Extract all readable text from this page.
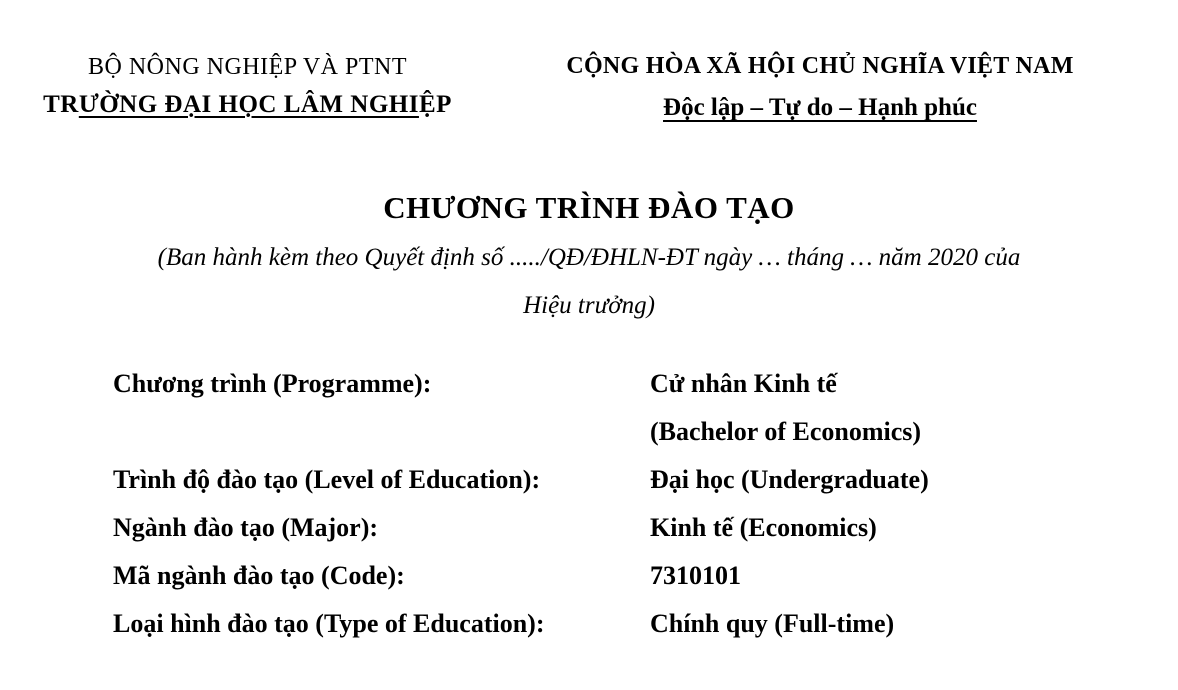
BỘ NÔNG NGHIỆP VÀ PTNT
TRƯỜNG ĐẠI HỌC LÂM NGHIỆP
CỘNG HÒA XÃ HỘI CHỦ NGHĨA VIỆT NAM
Độc lập – Tự do – Hạnh phúc
CHƯƠNG TRÌNH ĐÀO TẠO
(Ban hành kèm theo Quyết định số ...../QĐ/ĐHLN-ĐT ngày … tháng … năm 2020 của
Hiệu trưởng)
Chương trình (Programme):	Cử nhân Kinh tế
(Bachelor of Economics)
Trình độ đào tạo (Level of Education):	Đại học (Undergraduate)
Ngành đào tạo (Major):	Kinh tế (Economics)
Mã ngành đào tạo (Code):	7310101
Loại hình đào tạo (Type of Education):	Chính quy (Full-time)
